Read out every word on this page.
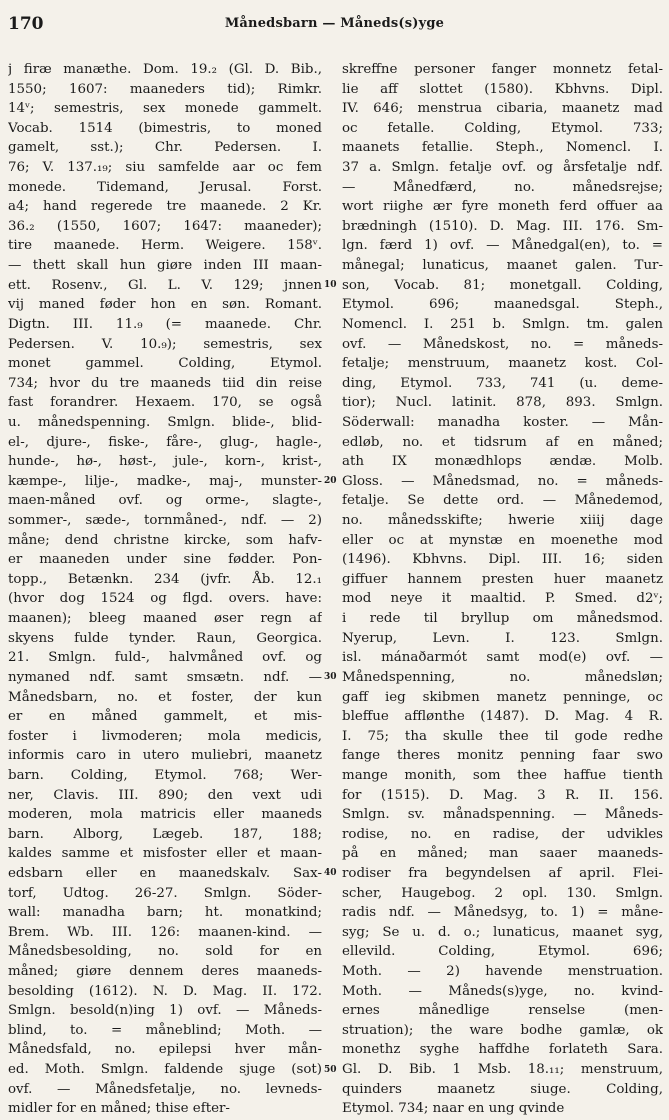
170	Månedsbarn — Måneds(s)yge
j firæ manæthe. Dom. 19.₂ (Gl. D. Bib.,
1550; 1607: maaneders tid); Rimkr.
14ᵛ; semestris, sex monede gammelt.
Vocab. 1514 (bimestris, to moned
gamelt, sst.); Chr. Pedersen. I.
76; V. 137.₁₉; siu samfelde aar oc fem
monede. Tidemand, Jerusal. Forst.
a4; hand regerede tre maanede. 2 Kr.
36.₂ (1550, 1607; 1647: maaneder);
tire maanede. Herm. Weigere. 158ᵛ.
— thett skall hun giøre inden III maan-
ett. Rosenv., Gl. L. V. 129; jnnen
vij maned føder hon en søn. Romant.
Digtn. III. 11.₉ (= maanede. Chr.
Pedersen. V. 10.₉); semestris, sex
monet gammel. Colding, Etymol.
734; hvor du tre maaneds tiid din reise
fast forandrer. Hexaem. 170, se også
u. månedspenning. Smlgn. blide-, blid-
el-, djure-, fiske-, fåre-, glug-, hagle-,
hunde-, hø-, høst-, jule-, korn-, krist-,
kæmpe-, lilje-, madke-, maj-, munster-
maen-måned ovf. og orme-, slagte-,
sommer-, sæde-, tornmåned-, ndf. — 2)
måne; dend christne kircke, som hafv-
er maaneden under sine fødder. Pon-
topp., Betænkn. 234 (jvfr. Åb. 12.₁
(hvor dog 1524 og flgd. overs. have:
maanen); bleeg maaned øser regn af
skyens fulde tynder. Raun, Georgica.
21. Smlgn. fuld-, halvmåned ovf. og
nymaned ndf. samt smsætn. ndf. —
Månedsbarn, no. et foster, der kun
er en måned gammelt, et mis-
foster i livmoderen; mola medicis,
informis caro in utero muliebri, maanetz
barn. Colding, Etymol. 768; Wer-
ner, Clavis. III. 890; den vext udi
moderen, mola matricis eller maaneds
barn. Alborg, Lægeb. 187, 188;
kaldes samme et misfoster eller et maan-
edsbarn eller en maanedskalv. Sax-
torf, Udtog. 26-27. Smlgn. Söder-
wall: manadha barn; ht. monatkind;
Brem. Wb. III. 126: maanen-kind. —
Månedsbesolding, no. sold for en
måned; giøre dennem deres maaneds-
besolding (1612). N. D. Mag. II. 172.
Smlgn. besold(n)ing 1) ovf. — Måneds-
blind, to. = måneblind; Moth. —
Månedsfald, no. epilepsi hver mån-
ed. Moth. Smlgn. faldende sjuge (sot)
ovf. — Månedsfetalje, no. levneds-
midler for en måned; thise efter-
10
20
30
40
50
skreffne personer fanger monnetz fetal-
lie aff slottet (1580). Kbhvns. Dipl.
IV. 646; menstrua cibaria, maanetz mad
oc fetalle. Colding, Etymol. 733;
maanets fetallie. Steph., Nomencl. I.
37 a. Smlgn. fetalje ovf. og årsfetalje ndf.
— Månedfærd, no. månedsrejse;
wort riighe ær fyre moneth ferd offuer aa
brædningh (1510). D. Mag. III. 176. Sm-
lgn. færd 1) ovf. — Månedgal(en), to. =
månegal; lunaticus, maanet galen. Tur-
son, Vocab. 81; monetgall. Colding,
Etymol. 696; maanedsgal. Steph.,
Nomencl. I. 251 b. Smlgn. tm. galen
ovf. — Månedskost, no. = måneds-
fetalje; menstruum, maanetz kost. Col-
ding, Etymol. 733, 741 (u. deme-
tior); Nucl. latinit. 878, 893. Smlgn.
Söderwall: manadha koster. — Mån-
edløb, no. et tidsrum af en måned;
ath IX monædhlops ændæ. Molb.
Gloss. — Månedsmad, no. = måneds-
fetalje. Se dette ord. — Månedemod,
no. månedsskifte; hwerie xiiij dage
eller oc at mynstæ en moenethe mod
(1496). Kbhvns. Dipl. III. 16; siden
giffuer hannem presten huer maanetz
mod neye it maaltid. P. Smed. d2ᵛ;
i rede til bryllup om månedsmod.
Nyerup, Levn. I. 123. Smlgn.
isl. mánaðarmót samt mod(e) ovf. —
Månedspenning, no. månedsløn;
gaff ieg skibmen manetz penninge, oc
bleffue afflønthe (1487). D. Mag. 4 R.
I. 75; tha skulle thee til gode redhe
fange theres monitz penning faar swo
mange monith, som thee haffue tienth
for (1515). D. Mag. 3 R. II. 156.
Smlgn. sv. månadspenning. — Måneds-
rodise, no. en radise, der udvikles
på en måned; man saaer maaneds-
rodiser fra begyndelsen af april. Flei-
scher, Haugebog. 2 opl. 130. Smlgn.
radis ndf. — Månedsyg, to. 1) = måne-
syg; Se u. d. o.; lunaticus, maanet syg,
ellevild. Colding, Etymol. 696;
Moth. — 2) havende menstruation.
Moth. — Måneds(s)yge, no. kvind-
ernes månedlige renselse (men-
struation); the ware bodhe gamlæ, ok
monethz syghe haffdhe forlateth Sara.
Gl. D. Bib. 1 Msb. 18.₁₁; menstruum,
quinders maanetz siuge. Colding,
Etymol. 734; naar en ung qvinde
